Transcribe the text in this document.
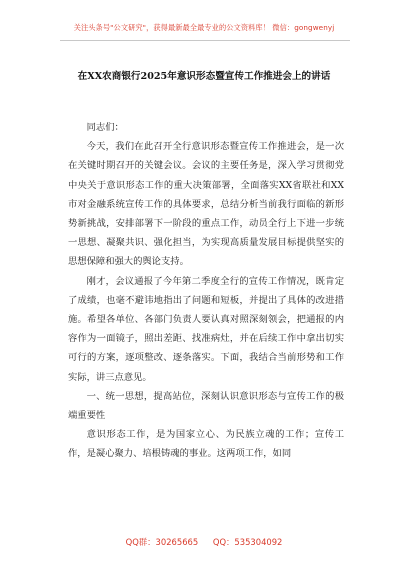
关注头条号"公文研究"，获得最新最全最专业的公文资料库！ 微信：gongwenyj
在XX农商银行2025年意识形态暨宣传工作推进会上的讲话

同志们：

今天，我们在此召开全行意识形态暨宣传工作推进会，是一次在关键时期召开的关键会议。会议的主要任务是，深入学习贯彻党中央关于意识形态工作的重大决策部署，全面落实XX省联社和XX市对金融系统宣传工作的具体要求，总结分析当前我行面临的新形势新挑战，安排部署下一阶段的重点工作，动员全行上下进一步统一思想、凝聚共识、强化担当，为实现高质量发展目标提供坚实的思想保障和强大的舆论支持。

刚才，会议通报了今年第二季度全行的宣传工作情况，既肯定了成绩，也毫不避讳地指出了问题和短板，并提出了具体的改进措施。希望各单位、各部门负责人要认真对照深刻领会，把通报的内容作为一面镜子，照出差距、找准病灶，并在后续工作中拿出切实可行的方案，逐项整改、逐条落实。下面，我结合当前形势和工作实际，讲三点意见。

一、统一思想，提高站位，深刻认识意识形态与宣传工作的极端重要性

意识形态工作，是为国家立心、为民族立魂的工作；宣传工作，是凝心聚力、培根铸魂的事业。这两项工作，如同

QQ群：30265665 QQ：535304092
